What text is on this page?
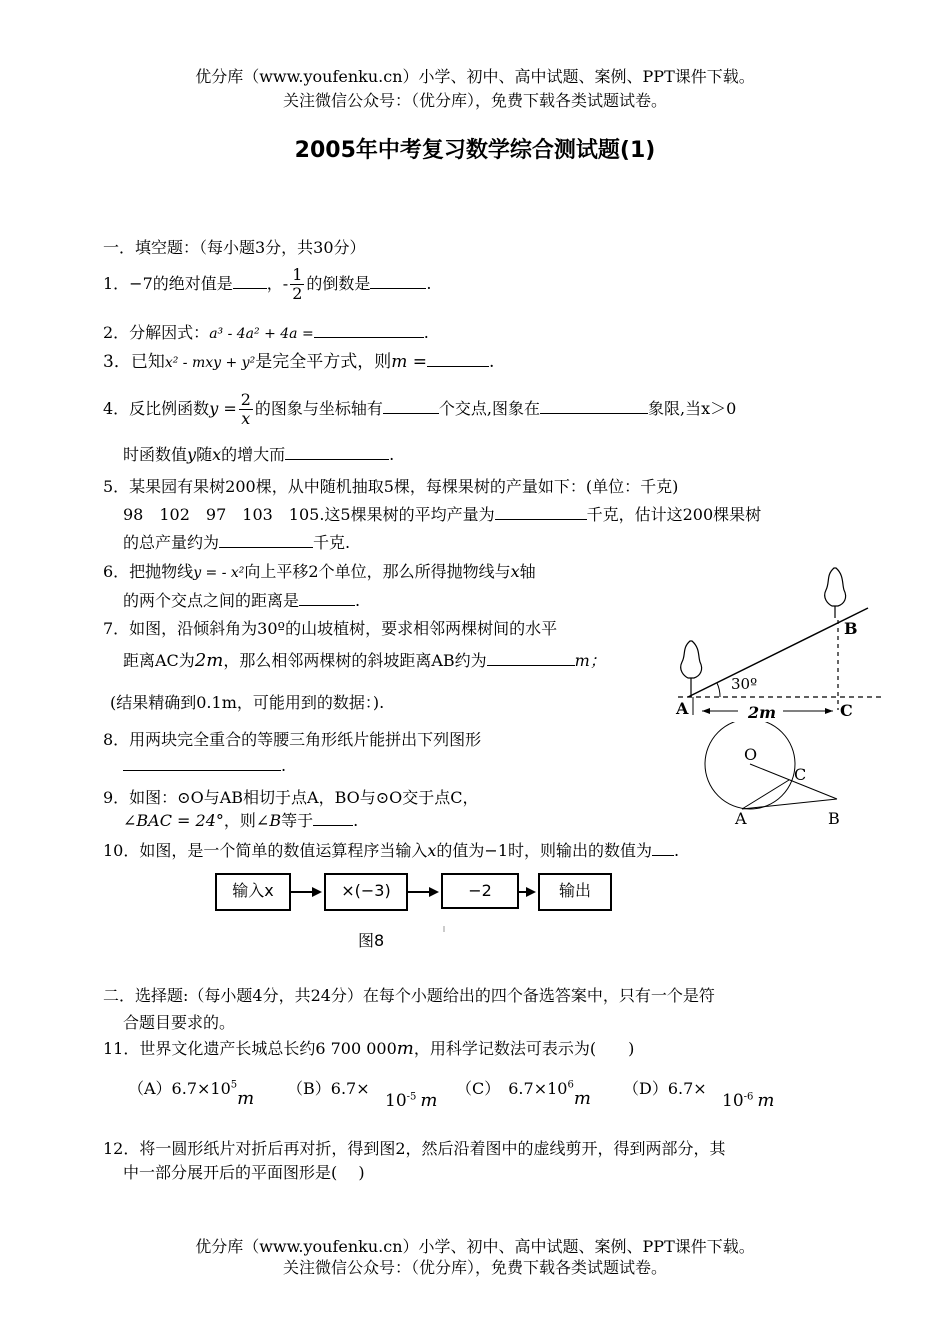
优分库（www.youfenku.cn）小学、初中、高中试题、案例、PPT课件下载。
关注微信公众号：（优分库），免费下载各类试题试卷。
2005年中考复习数学综合测试题(1)
一．填空题：（每小题3分，共30分）
1．−7的绝对值是 ，- $\frac{1}{2}$ 的倒数是	.
2．分解因式：a³ - 4a² + 4a =	.
3．已知x² - mxy + y²是完全平方式，则m =	.
4．反比例函数$y = \frac{2}{x}$ 的图象与坐标轴有	个交点,图象在	象限,当x＞0
时函数值y随x的增大而	.
5．某果园有果树200棵，从中随机抽取5棵，每棵果树的产量如下：(单位：千克)
98　102　97　103　105.这5棵果树的平均产量为	千克，估计这200棵果树
的总产量约为	千克.
6．把抛物线y = - x²向上平移2个单位，那么所得抛物线与x轴
的两个交点之间的距离是	.
7．如图，沿倾斜角为30º的山坡植树，要求相邻两棵树间的水平
距离AC为2m，那么相邻两棵树的斜坡距离AB约为	m；
(结果精确到0.1m，可能用到的数据：).
8．用两块完全重合的等腰三角形纸片能拼出下列图形
.
9．如图：⊙O与AB相切于点A，BO与⊙O交于点C，
∠BAC = 24°，则∠B等于	.
10．如图，是一个简单的数值运算程序当输入x的值为−1时，则输出的数值为 .
30º
A
B
C
2m
O
C
A	B
输入x	×(−3)	−2	输出
图8
二．选择题:（每小题4分，共24分）在每个小题给出的四个备选答案中，只有一个是符
合题目要求的。
11．世界文化遗产长城总长约6 700 000m，用科学记数法可表示为(　　)
$(A)6.7\times 10^5m$ （B）6.7×
$10^{-5}$ m
（C）　$6.7\times 10^6m$ （D）6.7×
$10^{-6}$ m
12．将一圆形纸片对折后再对折，得到图2，然后沿着图中的虚线剪开，得到两部分，其
中一部分展开后的平面图形是(　 )
优分库（www.youfenku.cn）小学、初中、高中试题、案例、PPT课件下载。
关注微信公众号：（优分库），免费下载各类试题试卷。
